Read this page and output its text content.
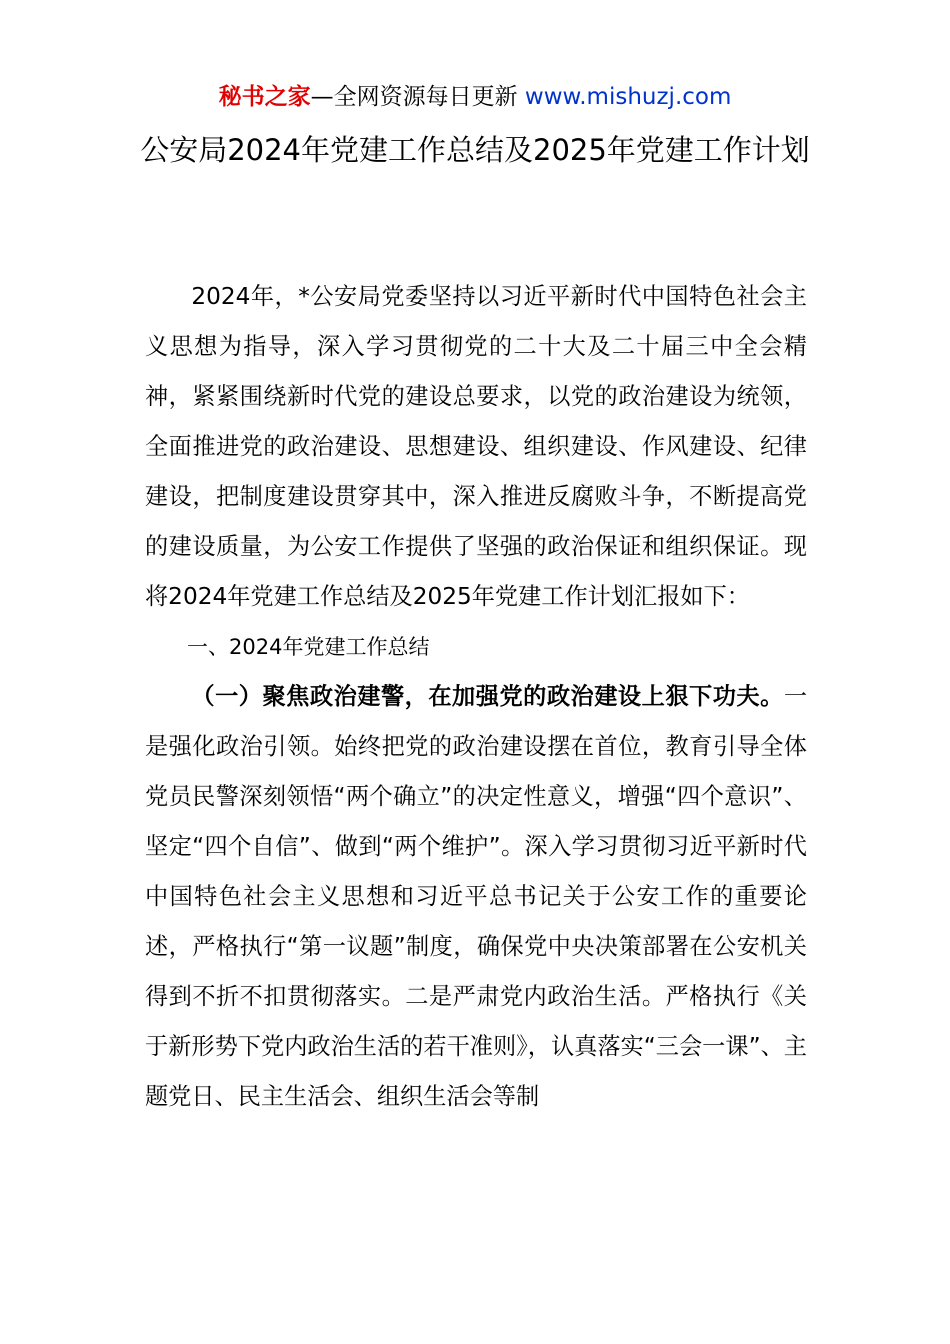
秘书之家—全网资源每日更新 www.mishuzj.com
公安局2024年党建工作总结及2025年党建工作计划

2024年，*公安局党委坚持以习近平新时代中国特色社会主义思想为指导，深入学习贯彻党的二十大及二十届三中全会精神，紧紧围绕新时代党的建设总要求，以党的政治建设为统领，全面推进党的政治建设、思想建设、组织建设、作风建设、纪律建设，把制度建设贯穿其中，深入推进反腐败斗争，不断提高党的建设质量，为公安工作提供了坚强的政治保证和组织保证。现将2024年党建工作总结及2025年党建工作计划汇报如下：

一、2024年党建工作总结

（一）聚焦政治建警，在加强党的政治建设上狠下功夫。一是强化政治引领。始终把党的政治建设摆在首位，教育引导全体党员民警深刻领悟“两个确立”的决定性意义，增强“四个意识”、坚定“四个自信”、做到“两个维护”。深入学习贯彻习近平新时代中国特色社会主义思想和习近平总书记关于公安工作的重要论述，严格执行“第一议题”制度，确保党中央决策部署在公安机关得到不折不扣贯彻落实。二是严肃党内政治生活。严格执行《关于新形势下党内政治生活的若干准则》，认真落实“三会一课”、主题党日、民主生活会、组织生活会等制
